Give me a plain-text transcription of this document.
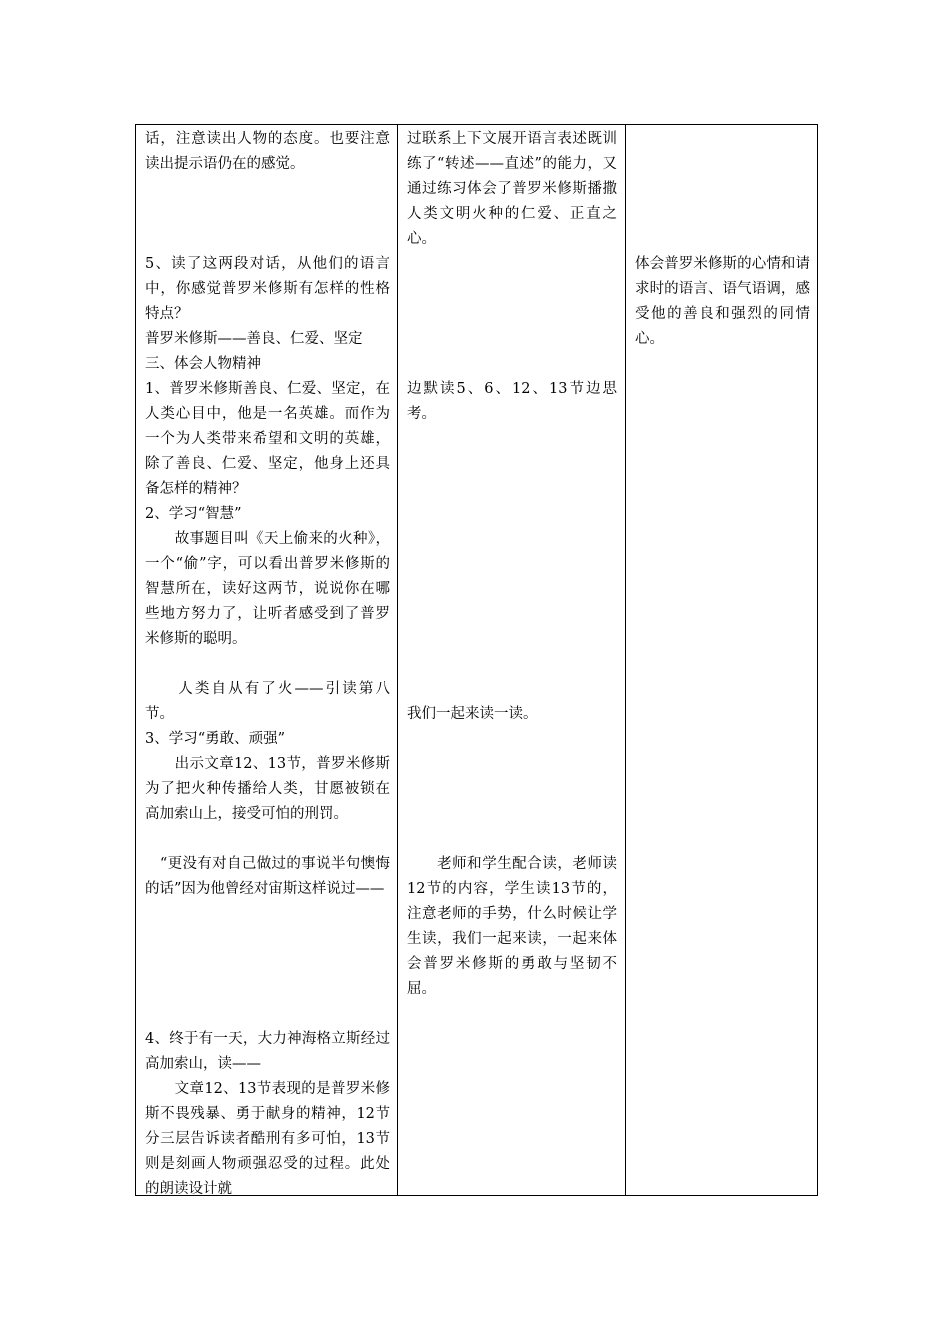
话，注意读出人物的态度。也要注意读出提示语仍在的感觉。
5、读了这两段对话，从他们的语言中，你感觉普罗米修斯有怎样的性格特点？
普罗米修斯——善良、仁爱、坚定
三、体会人物精神
1、普罗米修斯善良、仁爱、坚定，在人类心目中，他是一名英雄。而作为一个为人类带来希望和文明的英雄，除了善良、仁爱、坚定，他身上还具备怎样的精神？
2、学习“智慧”
　　故事题目叫《天上偷来的火种》，一个“偷”字，可以看出普罗米修斯的智慧所在，读好这两节，说说你在哪些地方努力了，让听者感受到了普罗米修斯的聪明。
　　人类自从有了火——引读第八节。
3、学习“勇敢、顽强”
　　出示文章12、13节，普罗米修斯为了把火种传播给人类，甘愿被锁在高加索山上，接受可怕的刑罚。
　“更没有对自己做过的事说半句懊悔的话”因为他曾经对宙斯这样说过——
4、终于有一天，大力神海格立斯经过高加索山，读——
　　文章12、13节表现的是普罗米修斯不畏残暴、勇于献身的精神，12节分三层告诉读者酷刑有多可怕，13节则是刻画人物顽强忍受的过程。此处的朗读设计就

过联系上下文展开语言表述既训练了“转述——直述”的能力，又通过练习体会了普罗米修斯播撒人类文明火种的仁爱、正直之心。
边默读5、6、12、13节边思考。
我们一起来读一读。
　　老师和学生配合读，老师读12节的内容，学生读13节的，注意老师的手势，什么时候让学生读，我们一起来读，一起来体会普罗米修斯的勇敢与坚韧不屈。

体会普罗米修斯的心情和请求时的语言、语气语调，感受他的善良和强烈的同情心。
